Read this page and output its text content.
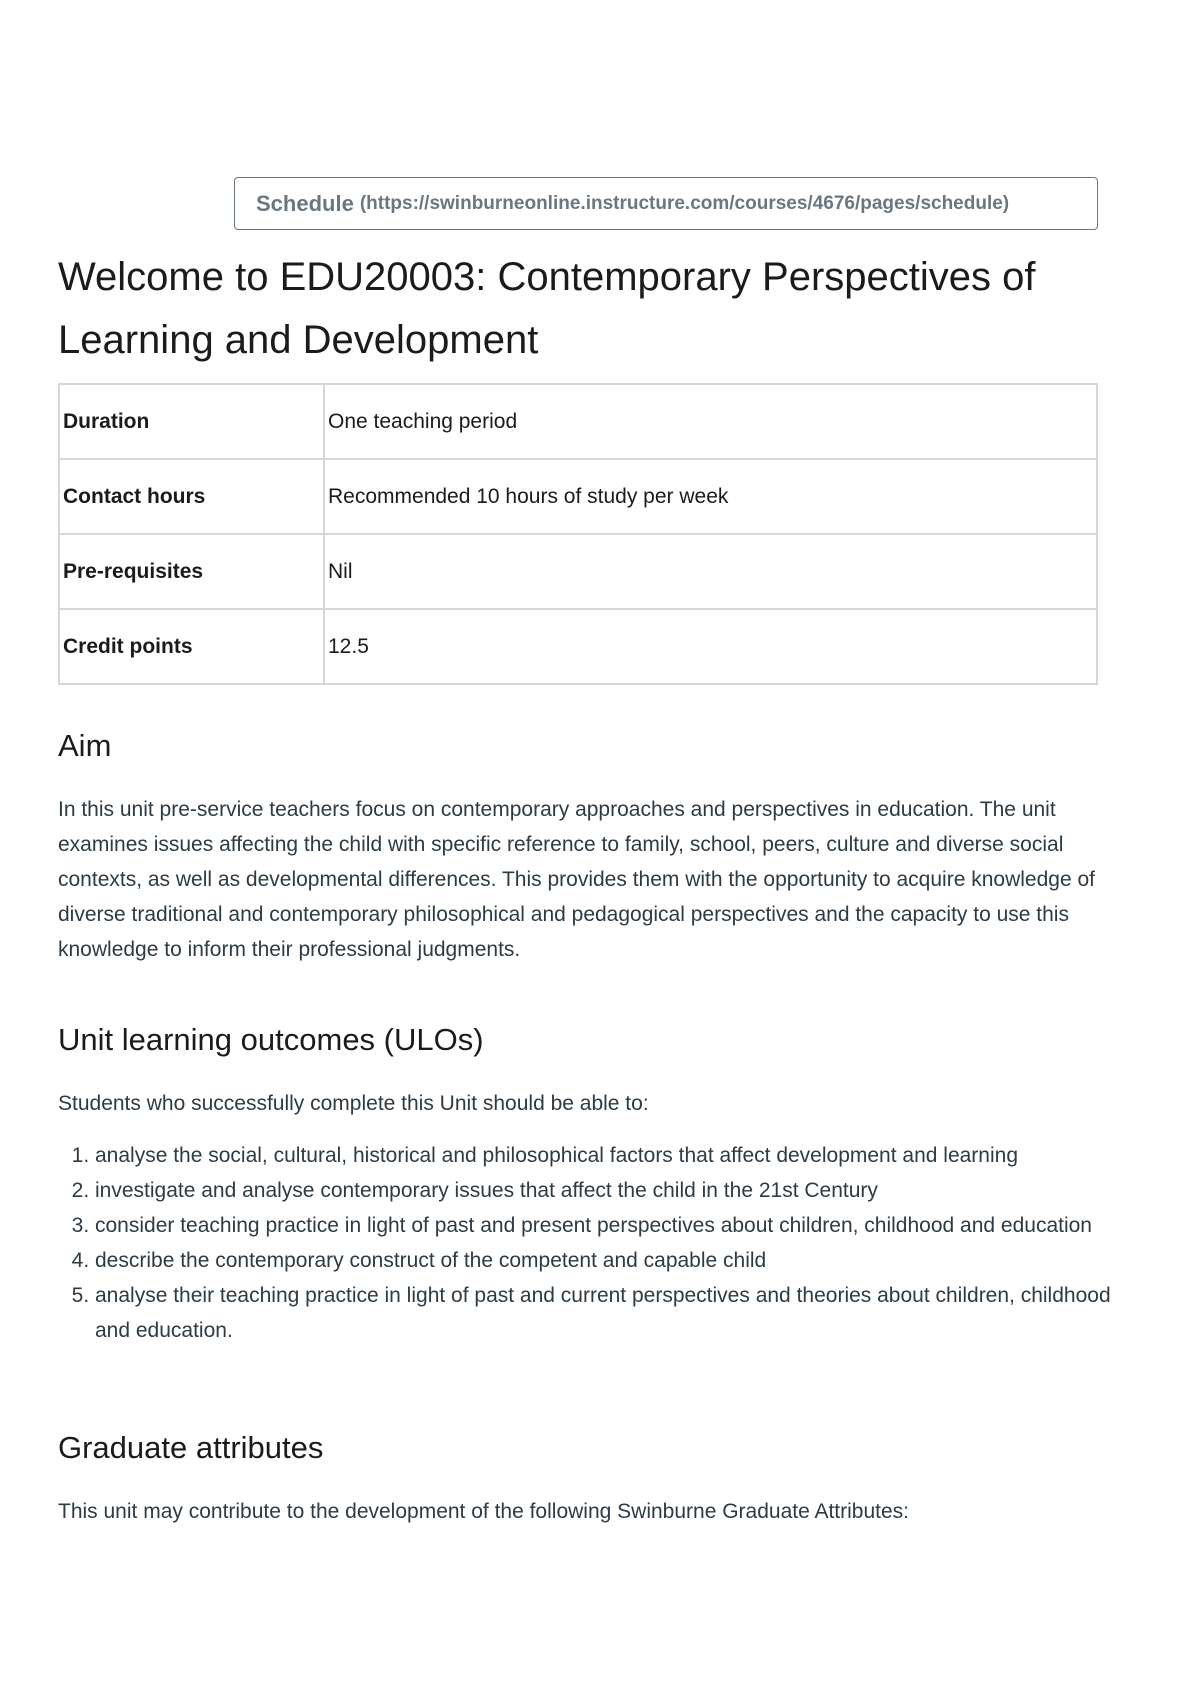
Schedule (https://swinburneonline.instructure.com/courses/4676/pages/schedule)
Welcome to EDU20003: Contemporary Perspectives of Learning and Development
Duration	One teaching period
Contact hours	Recommended 10 hours of study per week
Pre-requisites	Nil
Credit points	12.5
Aim

In this unit pre-service teachers focus on contemporary approaches and perspectives in education. The unit examines issues affecting the child with specific reference to family, school, peers, culture and diverse social contexts, as well as developmental differences. This provides them with the opportunity to acquire knowledge of diverse traditional and contemporary philosophical and pedagogical perspectives and the capacity to use this knowledge to inform their professional judgments.

Unit learning outcomes (ULOs)

Students who successfully complete this Unit should be able to:

1. analyse the social, cultural, historical and philosophical factors that affect development and learning
2. investigate and analyse contemporary issues that affect the child in the 21st Century
3. consider teaching practice in light of past and present perspectives about children, childhood and education
4. describe the contemporary construct of the competent and capable child
5. analyse their teaching practice in light of past and current perspectives and theories about children, childhood and education.
Graduate attributes

This unit may contribute to the development of the following Swinburne Graduate Attributes:
